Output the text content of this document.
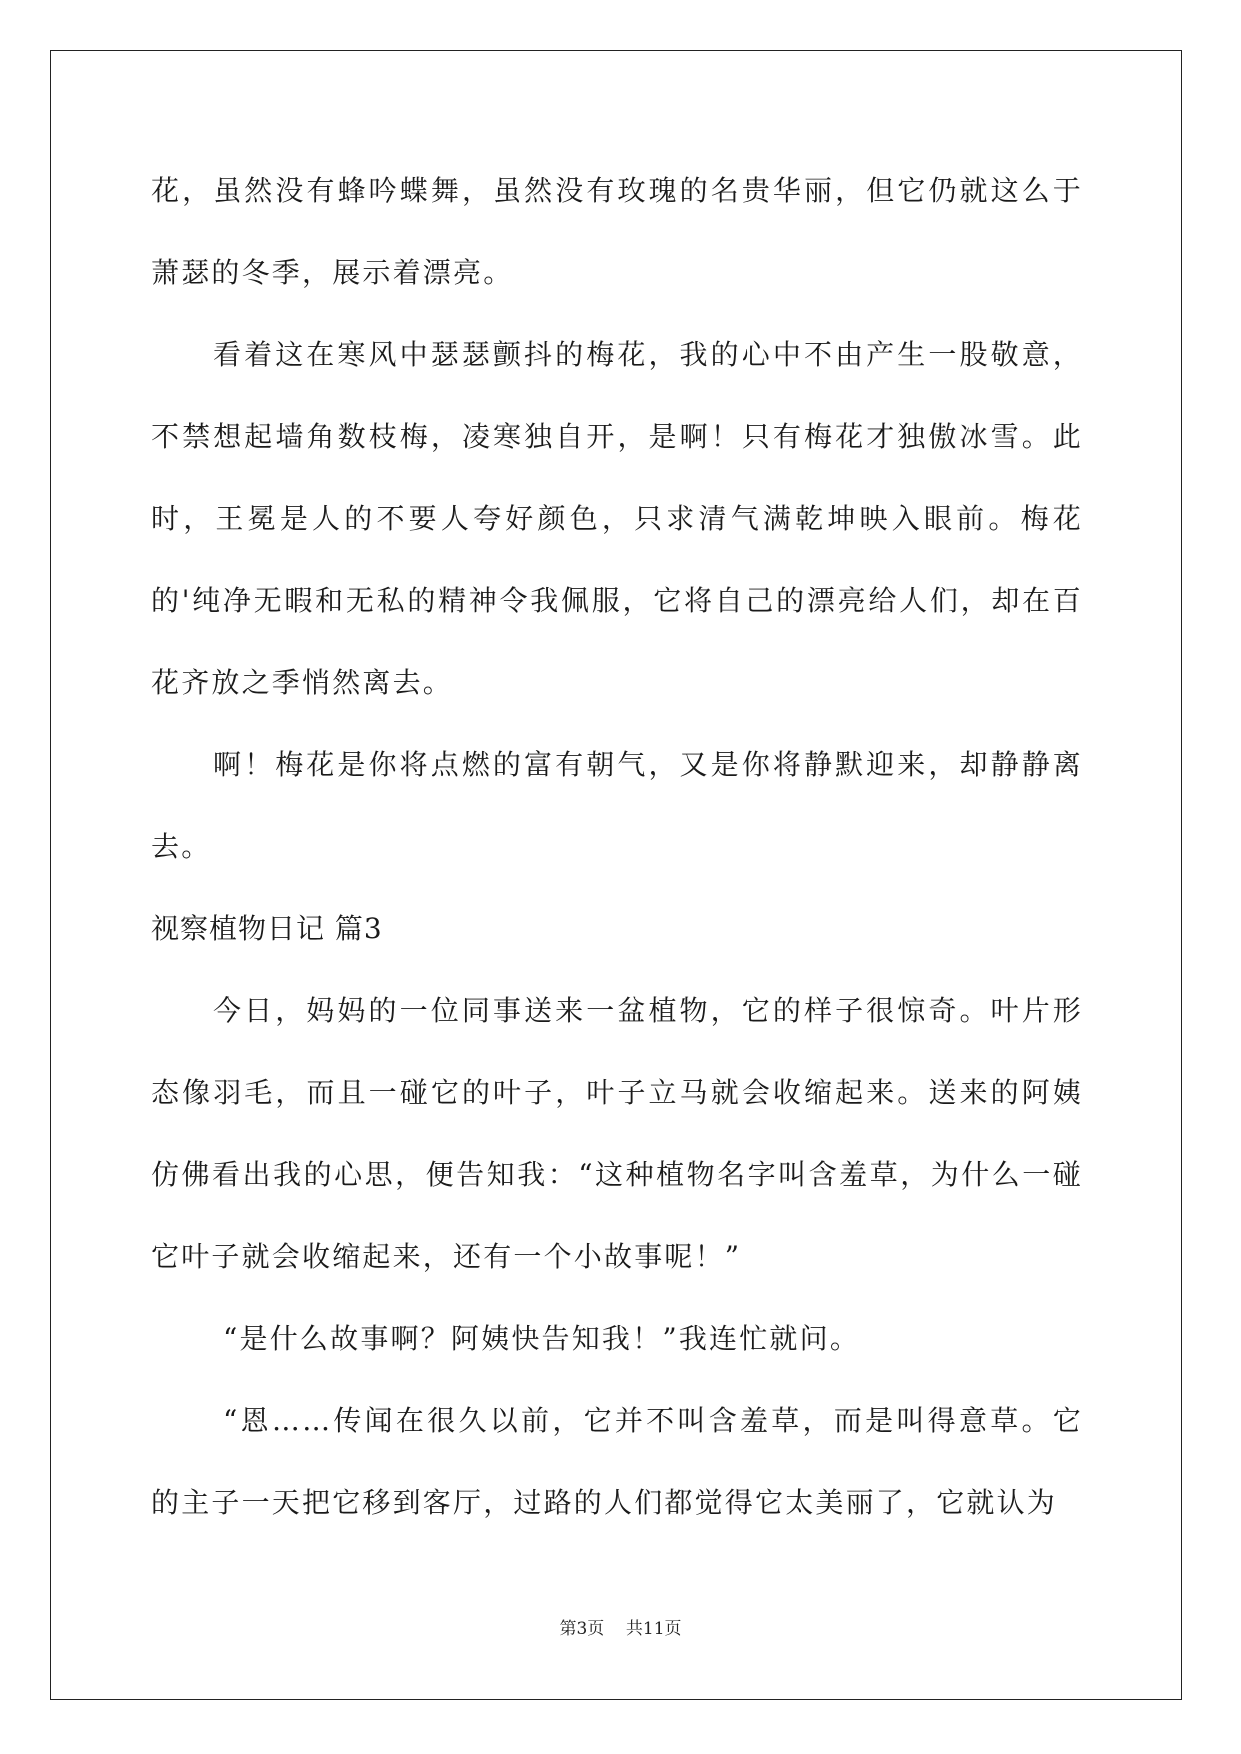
花，虽然没有蜂吟蝶舞，虽然没有玫瑰的名贵华丽，但它仍就这么于萧瑟的冬季，展示着漂亮。

看着这在寒风中瑟瑟颤抖的梅花，我的心中不由产生一股敬意，不禁想起墙角数枝梅，凌寒独自开，是啊！只有梅花才独傲冰雪。此时，王冕是人的不要人夸好颜色，只求清气满乾坤映入眼前。梅花的'纯净无暇和无私的精神令我佩服，它将自己的漂亮给人们，却在百花齐放之季悄然离去。

啊！梅花是你将点燃的富有朝气，又是你将静默迎来，却静静离去。

视察植物日记 篇3

今日，妈妈的一位同事送来一盆植物，它的样子很惊奇。叶片形态像羽毛，而且一碰它的叶子，叶子立马就会收缩起来。送来的阿姨仿佛看出我的心思，便告知我：“这种植物名字叫含羞草，为什么一碰它叶子就会收缩起来，还有一个小故事呢！”

“是什么故事啊？阿姨快告知我！”我连忙就问。

“恩……传闻在很久以前，它并不叫含羞草，而是叫得意草。它的主子一天把它移到客厅，过路的人们都觉得它太美丽了，它就认为

第3页    共11页
